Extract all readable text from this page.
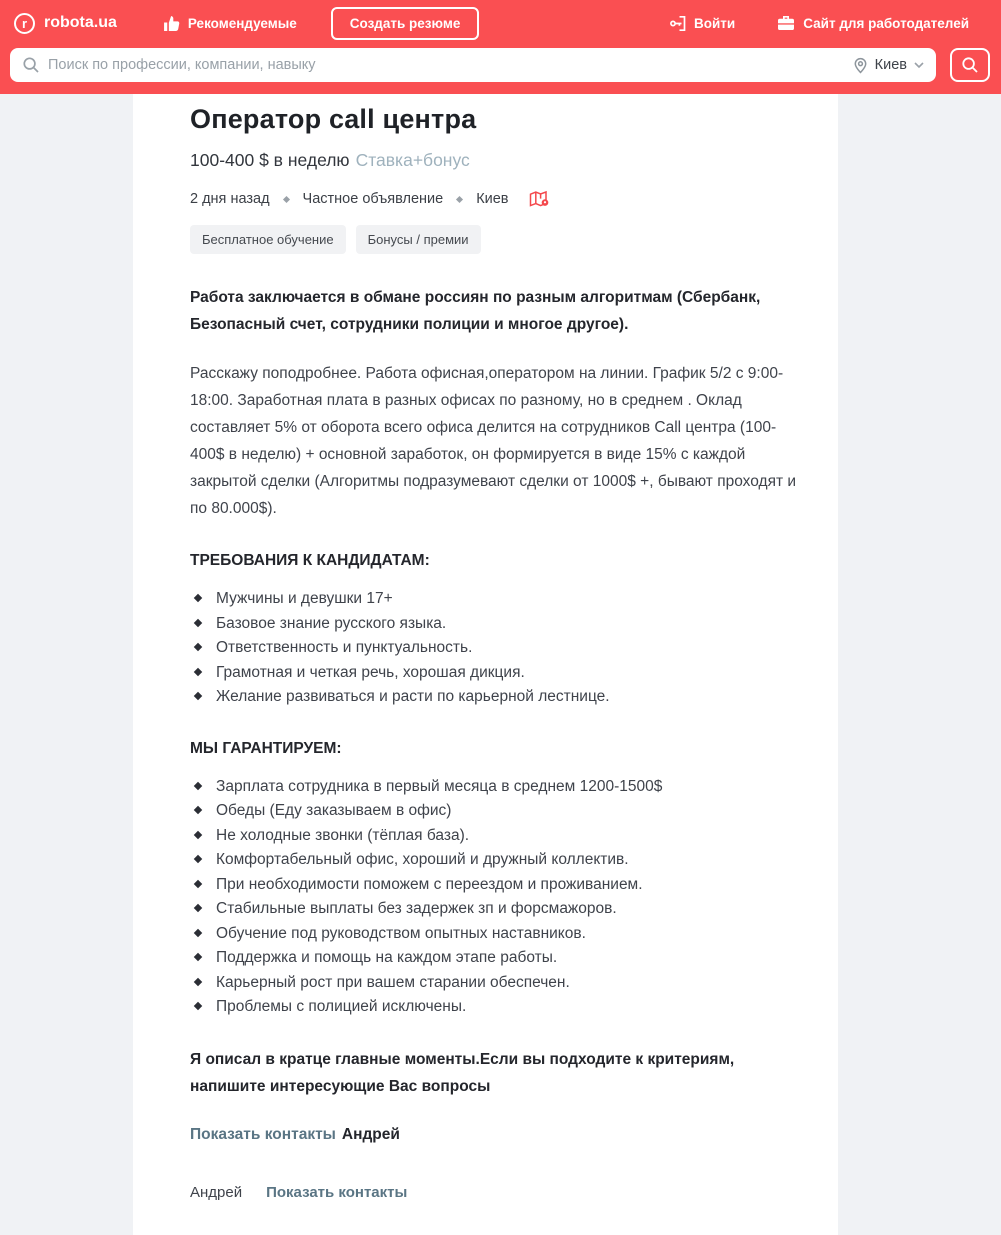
r	robota.ua	Рекомендуемые	Создать резюме	Войти	Сайт для работодателей
Поиск по профессии, компании, навыку
Киев
Оператор call центра
100-400 $ в неделю Ставка+бонус
2 дня назад Частное объявление Киев
Бесплатное обучение	Бонусы / премии

Работа заключается в обмане россиян по разным алгоритмам (Сбербанк, Безопасный счет, сотрудники полиции и многое другое).

Расскажу поподробнее. Работа офисная,оператором на линии. График 5/2 с 9:00-18:00. Заработная плата в разных офисах по разному, но в среднем . Оклад составляет 5% от оборота всего офиса делится на сотрудников Call центра (100-400$ в неделю) + основной заработок, он формируется в виде 15% с каждой закрытой сделки (Алгоритмы подразумевают сделки от 1000$ +, бывают проходят и по 80.000$).

ТРЕБОВАНИЯ К КАНДИДАТАМ:
Мужчины и девушки 17+
Базовое знание русского языка.
Ответственность и пунктуальность.
Грамотная и четкая речь, хорошая дикция.
Желание развиваться и расти по карьерной лестнице.
МЫ ГАРАНТИРУЕМ:
Зарплата сотрудника в первый месяца в среднем 1200-1500$
Обеды (Еду заказываем в офис)
Не холодные звонки (тёплая база).
Комфортабельный офис, хороший и дружный коллектив.
При необходимости поможем с переездом и проживанием.
Стабильные выплаты без задержек зп и форсмажоров.
Обучение под руководством опытных наставников.
Поддержка и помощь на каждом этапе работы.
Карьерный рост при вашем старании обеспечен.
Проблемы с полицией исключены.

Я описал в кратце главные моменты.Если вы подходите к критериям, напишите интересующие Вас вопросы

Показать контакты Андрей
Андрей Показать контакты
